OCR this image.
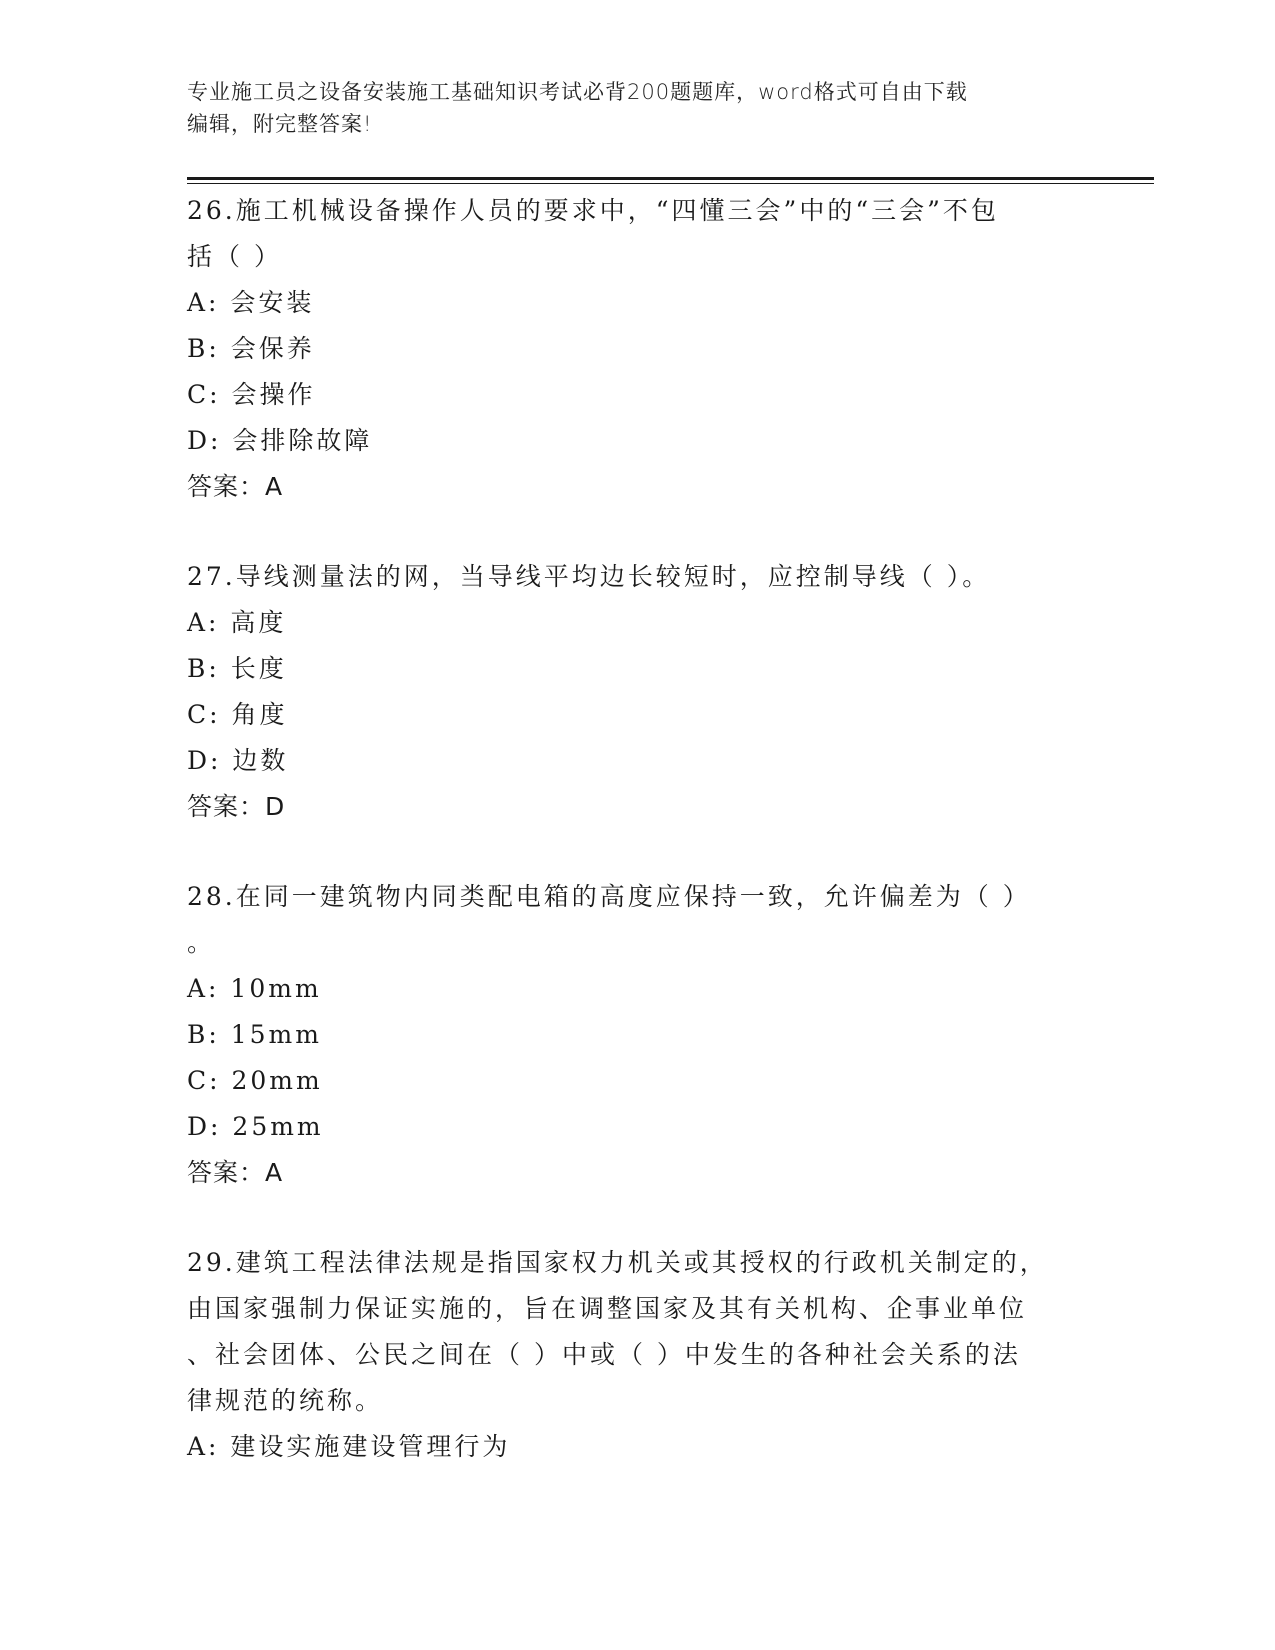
专业施工员之设备安装施工基础知识考试必背200题题库，word格式可自由下载
编辑，附完整答案!
26.施工机械设备操作人员的要求中，“四懂三会”中的“三会”不包
括（ ）
A: 会安装
B: 会保养
C: 会操作
D: 会排除故障
答案：A
27.导线测量法的网，当导线平均边长较短时，应控制导线（ ）。
A: 高度
B: 长度
C: 角度
D: 边数
答案：D
28.在同一建筑物内同类配电箱的高度应保持一致，允许偏差为（ ）
。
A: 10mm
B: 15mm
C: 20mm
D: 25mm
答案：A
29.建筑工程法律法规是指国家权力机关或其授权的行政机关制定的，
由国家强制力保证实施的，旨在调整国家及其有关机构、企事业单位
、社会团体、公民之间在（ ）中或（ ）中发生的各种社会关系的法
律规范的统称。
A: 建设实施建设管理行为
